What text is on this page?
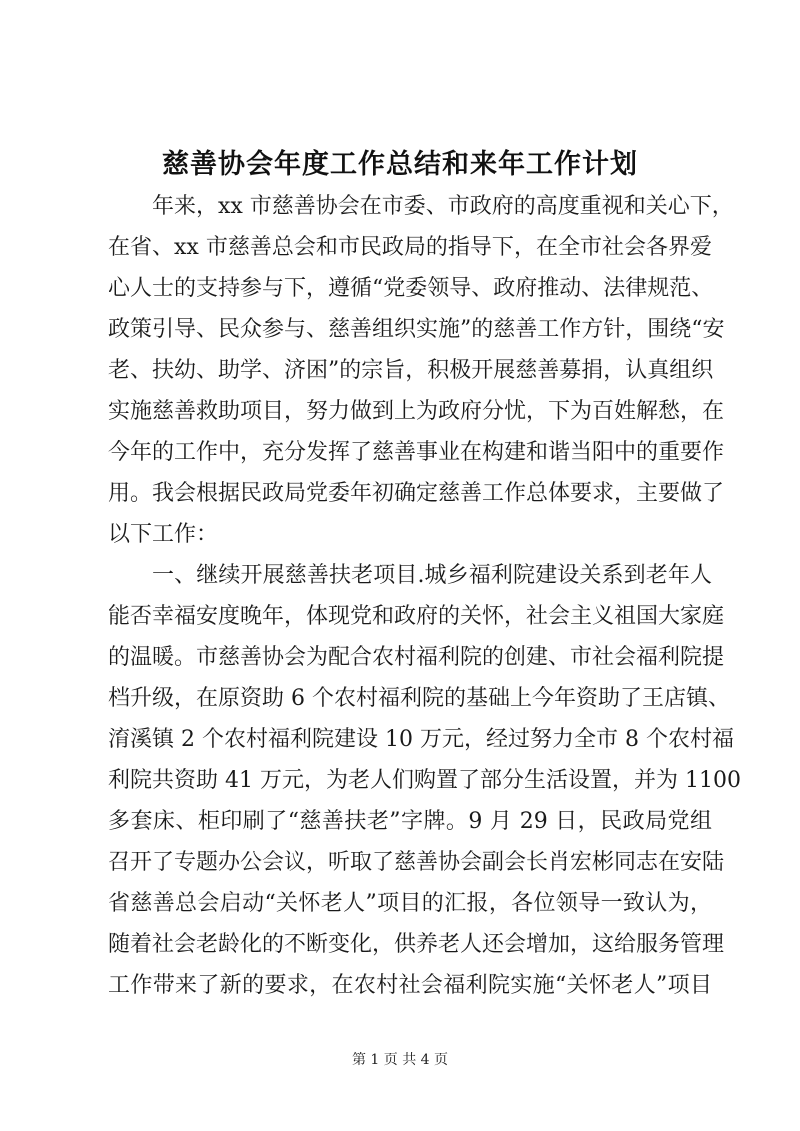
慈善协会年度工作总结和来年工作计划
年来，xx 市慈善协会在市委、市政府的高度重视和关心下，
在省、xx 市慈善总会和市民政局的指导下，在全市社会各界爱
心人士的支持参与下，遵循“党委领导、政府推动、法律规范、
政策引导、民众参与、慈善组织实施”的慈善工作方针，围绕“安
老、扶幼、助学、济困”的宗旨，积极开展慈善募捐，认真组织
实施慈善救助项目，努力做到上为政府分忧，下为百姓解愁，在
今年的工作中，充分发挥了慈善事业在构建和谐当阳中的重要作
用。我会根据民政局党委年初确定慈善工作总体要求，主要做了
以下工作：
一、继续开展慈善扶老项目.城乡福利院建设关系到老年人
能否幸福安度晚年，体现党和政府的关怀，社会主义祖国大家庭
的温暖。市慈善协会为配合农村福利院的创建、市社会福利院提
档升级，在原资助 6 个农村福利院的基础上今年资助了王店镇、
淯溪镇 2 个农村福利院建设 10 万元，经过努力全市 8 个农村福
利院共资助 41 万元，为老人们购置了部分生活设置，并为 1100
多套床、柜印刷了“慈善扶老”字牌。9 月 29 日，民政局党组
召开了专题办公会议，听取了慈善协会副会长肖宏彬同志在安陆
省慈善总会启动“关怀老人”项目的汇报，各位领导一致认为，
随着社会老龄化的不断变化，供养老人还会增加，这给服务管理
工作带来了新的要求，在农村社会福利院实施“关怀老人”项目
第 1 页 共 4 页
